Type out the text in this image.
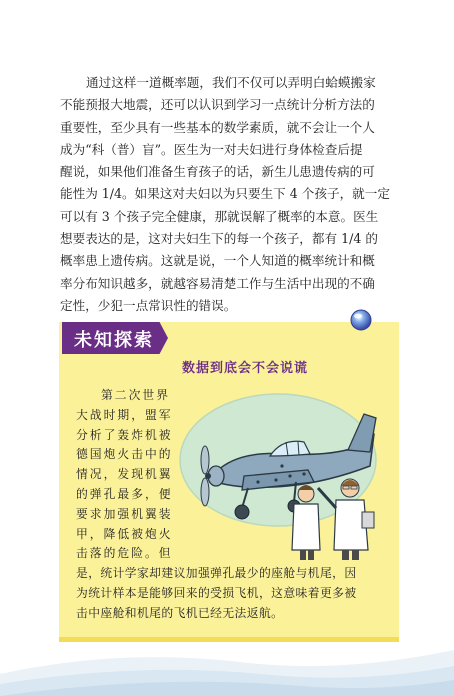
通过这样一道概率题，我们不仅可以弄明白蛤蟆搬家
不能预报大地震，还可以认识到学习一点统计分析方法的
重要性，至少具有一些基本的数学素质，就不会让一个人
成为“科（普）盲”。医生为一对夫妇进行身体检查后提
醒说，如果他们准备生育孩子的话，新生儿患遗传病的可
能性为 1/4。如果这对夫妇以为只要生下 4 个孩子，就一定
可以有 3 个孩子完全健康，那就误解了概率的本意。医生
想要表达的是，这对夫妇生下的每一个孩子，都有 1/4 的
概率患上遗传病。这就是说，一个人知道的概率统计和概
率分布知识越多，就越容易清楚工作与生活中出现的不确
定性，少犯一点常识性的错误。

未知探索
数据到底会不会说谎

第二次世界
大战时期，盟军
分析了轰炸机被
德国炮火击中的
情况，发现机翼
的弹孔最多，便
要求加强机翼装
甲，降低被炮火
击落的危险。但

是，统计学家却建议加强弹孔最少的座舱与机尾，因
为统计样本是能够回来的受损飞机，这意味着更多被
击中座舱和机尾的飞机已经无法返航。
